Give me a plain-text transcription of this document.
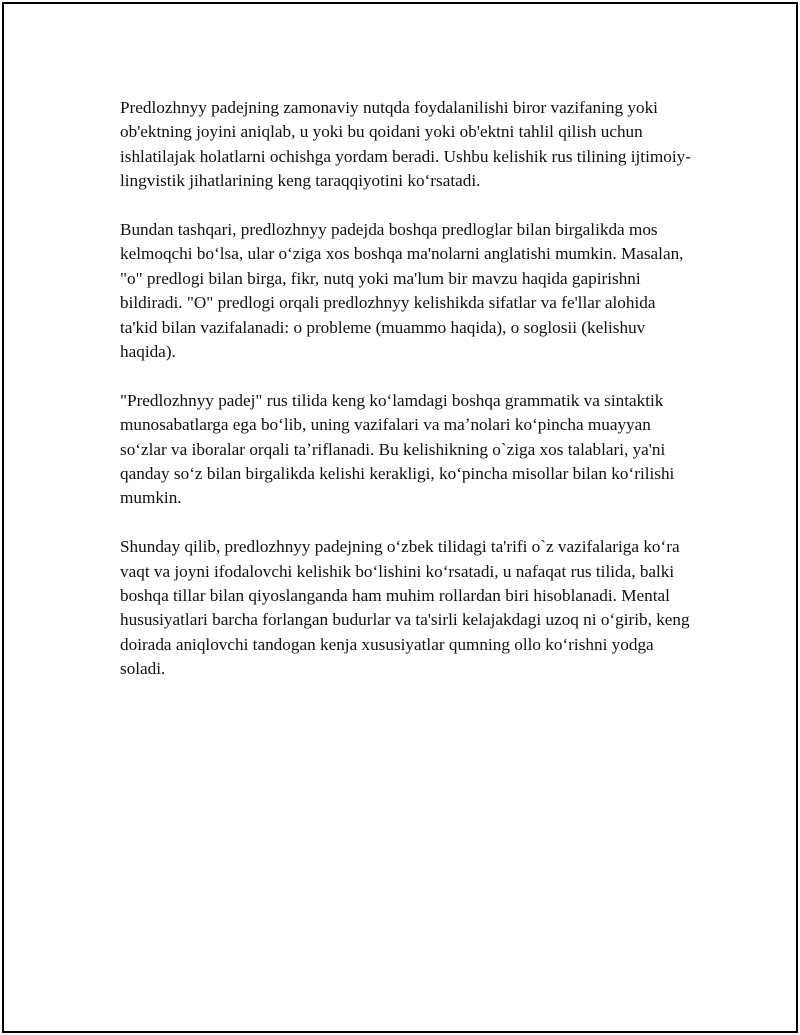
Predlozhnyy padejning zamonaviy nutqda foydalanilishi biror vazifaning yoki ob'ektning joyini aniqlab, u yoki bu qoidani yoki ob'ektni tahlil qilish uchun ishlatilajak holatlarni ochishga yordam beradi. Ushbu kelishik rus tilining ijtimoiy-lingvistik jihatlarining keng taraqqiyotini koʻrsatadi.

Bundan tashqari, predlozhnyy padejda boshqa predloglar bilan birgalikda mos kelmoqchi boʻlsa, ular oʻziga xos boshqa ma'nolarni anglatishi mumkin. Masalan, "o" predlogi bilan birga, fikr, nutq yoki ma'lum bir mavzu haqida gapirishni bildiradi. "O" predlogi orqali predlozhnyy kelishikda sifatlar va fe'llar alohida ta'kid bilan vazifalanadi: o probleme (muammo haqida), o soglosii (kelishuv haqida).

"Predlozhnyy padej" rus tilida keng koʻlamdagi boshqa grammatik va sintaktik munosabatlarga ega boʻlib, uning vazifalari va maʼnolari koʻpincha muayyan soʻzlar va iboralar orqali taʼriflanadi. Bu kelishikning o`ziga xos talablari, ya'ni qanday soʻz bilan birgalikda kelishi kerakligi, koʻpincha misollar bilan koʻrilishi mumkin.

Shunday qilib, predlozhnyy padejning oʻzbek tilidagi ta'rifi o`z vazifalariga koʻra vaqt va joyni ifodalovchi kelishik boʻlishini koʻrsatadi, u nafaqat rus tilida, balki boshqa tillar bilan qiyoslanganda ham muhim rollardan biri hisoblanadi. Mental hususiyatlari barcha forlangan budurlar va ta'sirli kelajakdagi uzoq ni oʻgirib, keng doirada aniqlovchi tandogan kenja xususiyatlar qumning ollo koʻrishni yodga soladi.
